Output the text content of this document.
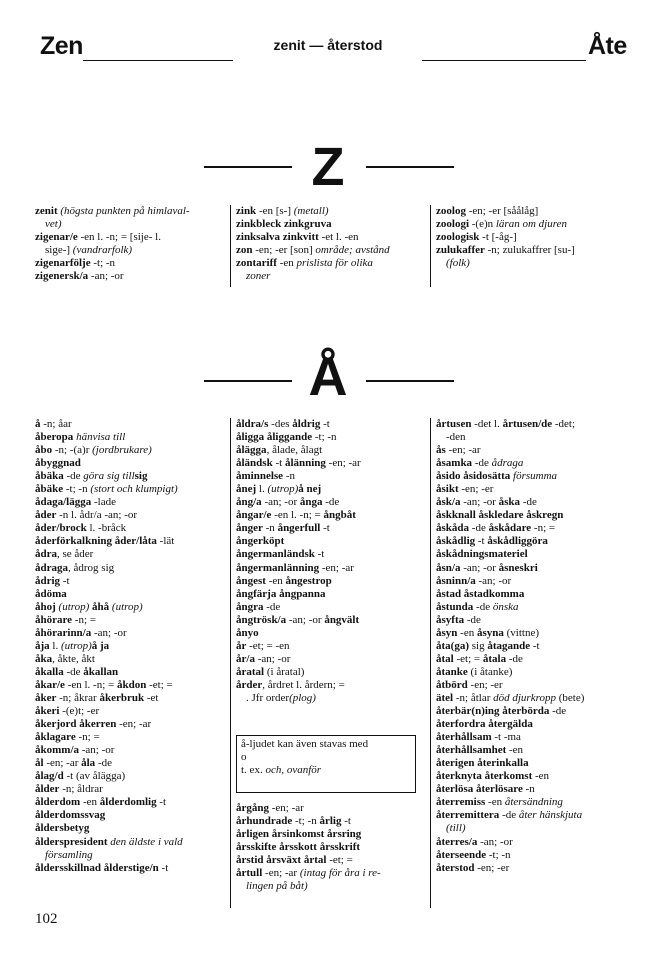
Zen	zenit — återstod	Åte
Z
zenit (högsta punkten på himlaval-
vet)
zigenar/e -en l. -n; = [sije- l.
sige-] (vandrarfolk)
zigenarfölje -t; -n
zigenersk/a -an; -or
zink -en [s-] (metall)
zinkbleck zinkgruva
zinksalva zinkvitt -et l. -en
zon -en; -er [son] område; avstånd
zontariff -en prislista för olika
zoner
zoolog -en; -er [såålåg]
zoologi -(e)n läran om djuren
zoologisk -t [-åg-]
zulukaffer -n; zulukaffrer [su-]
(folk)
Å
å -n; åar
åberopa hänvisa till
åbo -n; -(a)r (jordbrukare)
åbyggnad
åbäka -de göra sig tillsig
åbäke -t; -n (stort och klumpigt)
ådaga/lägga -lade
åder -n l. ådr/a -an; -or
åder/brock l. -bråck
åderförkalkning åder/låta -lät
ådra, se åder
ådraga, ådrog sig
ådrig -t
ådöma
åhoj (utrop) åhå (utrop)
åhörare -n; =
åhörarinn/a -an; -or
åja l. (utrop)å ja
åka, åkte, åkt
åkalla -de åkallan
åkar/e -en l. -n; = åkdon -et; =
åker -n; åkrar åkerbruk -et
åkeri -(e)t; -er
åkerjord åkerren -en; -ar
åklagare -n; =
åkomm/a -an; -or
ål -en; -ar åla -de
ålag/d -t (av ålägga)
ålder -n; åldrar
ålderdom -en ålderdomlig -t
ålderdomssvag
åldersbetyg
ålderspresident den äldste i vald
församling
åldersskillnad ålderstige/n -t
åldra/s -des åldrig -t
åligga åliggande -t; -n
ålägga, ålade, ålagt
åländsk -t ålänning -en; -ar
åminnelse -n
ånej l. (utrop)å nej
ång/a -an; -or ånga -de
ångar/e -en l. -n; = ångbåt
ånger -n ångerfull -t
ångerköpt
ångermanländsk -t
ångermanlänning -en; -ar
ångest -en ångestrop
ångfärja ångpanna
ångra -de
ångtrösk/a -an; -or ångvält
ånyo
år -et; = -en
år/a -an; -or
åratal (i åratal)
årder, årdret l. årdern; =
. Jfr order(plog)
å-ljudet kan även stavas med
o
t. ex. och, ovanför
årgång -en; -ar
århundrade -t; -n årlig -t
årligen årsinkomst årsring
årsskifte årsskott årsskrift
årstid årsväxt årtal -et; =
årtull -en; -ar (intag för åra i re-
lingen på båt)
årtusen -det l. årtusen/de -det;
-den
ås -en; -ar
åsamka -de ådraga
åsido åsidosätta försumma
åsikt -en; -er
åsk/a -an; -or åska -de
åskknall åskledare åskregn
åskåda -de åskådare -n; =
åskådlig -t åskådliggöra
åskådningsmateriel
åsn/a -an; -or åsneskri
åsninn/a -an; -or
åstad åstadkomma
åstunda -de önska
åsyfta -de
åsyn -en åsyna (vittne)
åta(ga) sig åtagande -t
åtal -et; = åtala -de
åtanke (i åtanke)
åtbörd -en; -er
ätel -n; åtlar död djurkropp (bete)
återbär(n)ing återbörda -de
återfordra återgälda
återhållsam -t -ma
återhållsamhet -en
återigen återinkalla
återknyta återkomst -en
återlösa återlösare -n
återremiss -en återsändning
återremittera -de åter hänskjuta
(till)
återres/a -an; -or
återseende -t; -n
återstod -en; -er
102
